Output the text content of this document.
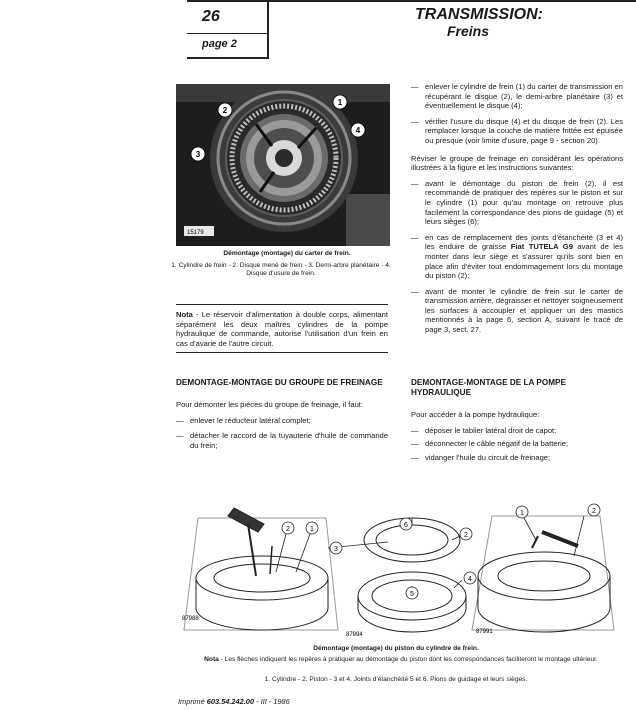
26
page 2
TRANSMISSION:
Freins
2
1
3
4
15179
Démontage (montage) du carter de frein.
1. Cylindre de frein - 2. Disque mené de frein - 3. Demi-arbre planétaire - 4. Disque d'usure de frein.
Nota - Le réservoir d'alimentation à double corps, alimentant séparément les deux maîtres cylindres de la pompe hydraulique de commande, autorise l'utilisation d'un frein en cas d'avarie de l'autre circuit.
— enlever le cylindre de frein (1) du carter de transmission en récupérant le disque (2), le demi-arbre planétaire (3) et éventuellement le disque (4);
— vérifier l'usure du disque (4) et du disque de frein (2). Les remplacer lorsque la couche de matière frittée est épuisée ou presque (voir limite d'usure, page 9 - section 20).
Réviser le groupe de freinage en considérant les opérations illustrées à la figure et les instructions suivantes:
— avant le démontage du piston de frein (2), il est recommandé de pratiquer des repères sur le piston et sur le cylindre (1) pour qu'au montage on retrouve plus facilement la correspondance des pions de guidage (5) et leurs sièges (6);
— en cas de remplacement des joints d'étanchéité (3 et 4) les enduire de graisse Fiat TUTELA G9 avant de les monter dans leur siège et s'assurer qu'ils sont bien en place afin d'éviter tout endommagement lors du montage du piston (2);
— avant de monter le cylindre de frein sur le carter de transmission arrière, dégraisser et nettoyer soigneusement les surfaces à accoupler et appliquer un des mastics mentionnés à la page 6, section A, suivant le tracé de page 3, sect. 27.
DEMONTAGE-MONTAGE DU GROUPE DE FREINAGE
Pour démonter les pièces du groupe de freinage, il faut:
— enlever le réducteur latéral complet;
— détacher le raccord de la tuyauterie d'huile de commande du frein;
DEMONTAGE-MONTAGE DE LA POMPE HYDRAULIQUE
Pour accéder à la pompe hydraulique:
— déposer le tablier latéral droit de capot;
— déconnecter le câble négatif de la batterie;
— vidanger l'huile du circuit de freinage;
2	1
3
6
2
4
5
1	2
87988
87994	87991
Démontage (montage) du piston du cylindre de frein.
Nota - Les flèches indiquent les repères à pratiquer au démontage du piston dont les correspondances faciliteront le montage ultérieur.
1. Cylindre - 2. Piston - 3 et 4. Joints d'étanchéité 5 et 6. Pions de guidage et leurs sièges.
Imprimé 603.54.242.00 - III - 1986
